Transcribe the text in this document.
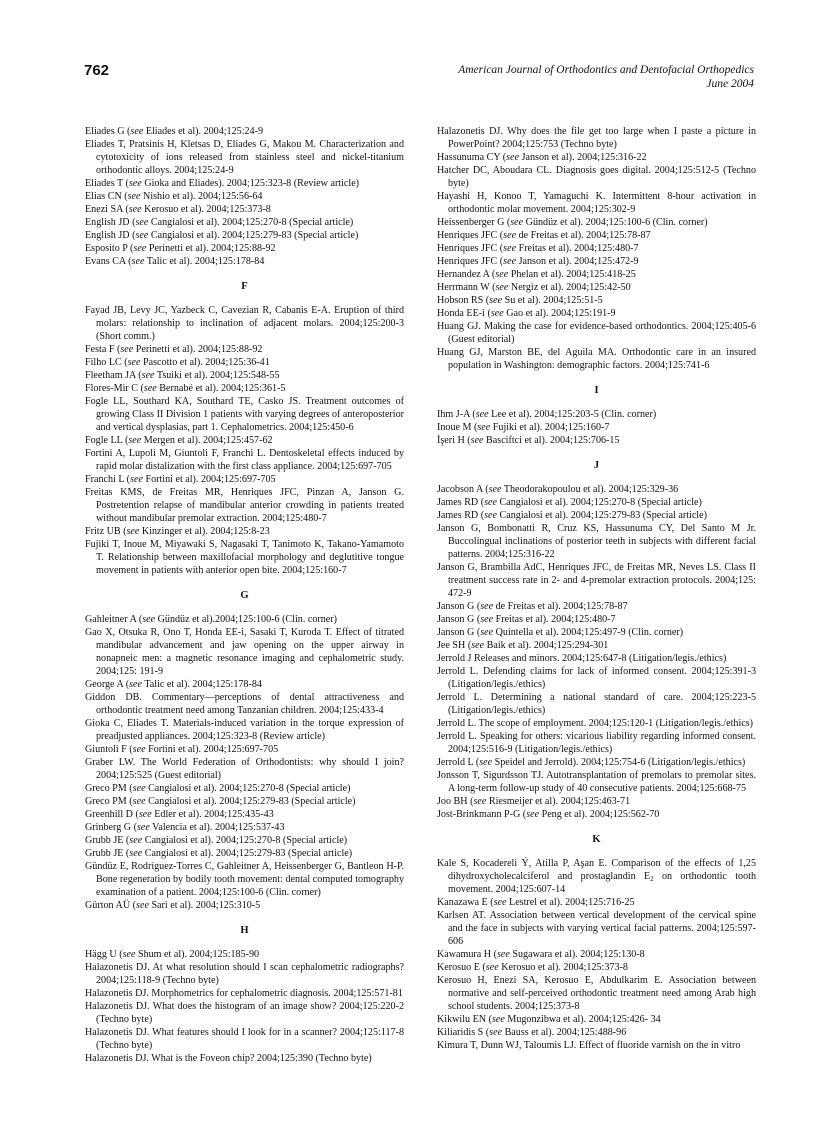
762	American Journal of Orthodontics and Dentofacial Orthopedics
June 2004
Eliades G (see Eliades et al). 2004;125:24-9
Eliades T, Pratsinis H, Kletsas D, Eliades G, Makou M. Characterization and cytotoxicity of ions released from stainless steel and nickel-titanium orthodontic alloys. 2004;125:24-9
Eliades T (see Gioka and Eliades). 2004;125:323-8 (Review article)
Elias CN (see Nishio et al). 2004;125:56-64
Enezi SA (see Kerosuo et al). 2004;125:373-8
English JD (see Cangialosi et al). 2004;125:270-8 (Special article)
English JD (see Cangialosi et al). 2004;125:279-83 (Special article)
Esposito P (see Perinetti et al). 2004;125:88-92
Evans CA (see Talic et al). 2004;125:178-84
F
Fayad JB, Levy JC, Yazbeck C, Cavezian R, Cabanis E-A. Eruption of third molars: relationship to inclination of adjacent molars. 2004;125:200-3 (Short comm.)
Festa F (see Perinetti et al). 2004;125:88-92
Filho LC (see Pascotto et al). 2004;125:36-41
Fleetham JA (see Tsuiki et al). 2004;125:548-55
Flores-Mir C (see Bernabé et al). 2004;125:361-5
Fogle LL, Southard KA, Southard TE, Casko JS. Treatment outcomes of growing Class II Division 1 patients with varying degrees of anteroposterior and vertical dysplasias, part 1. Cephalometrics. 2004;125:450-6
Fogle LL (see Mergen et al). 2004;125:457-62
Fortini A, Lupoli M, Giuntoli F, Franchi L. Dentoskeletal effects induced by rapid molar distalization with the first class appliance. 2004;125:697-705
Franchi L (see Fortini et al). 2004;125:697-705
Freitas KMS, de Freitas MR, Henriques JFC, Pinzan A, Janson G. Postretention relapse of mandibular anterior crowding in patients treated without mandibular premolar extraction. 2004;125:480-7
Fritz UB (see Kinzinger et al). 2004;125:8-23
Fujiki T, Inoue M, Miyawaki S, Nagasaki T, Tanimoto K, Takano-Yamamoto T. Relationship between maxillofacial morphology and deglutitive tongue movement in patients with anterior open bite. 2004;125:160-7
G
Gahleitner A (see Gündüz et al).2004;125:100-6 (Clin. corner)
Gao X, Otsuka R, Ono T, Honda EE-i, Sasaki T, Kuroda T. Effect of titrated mandibular advancement and jaw opening on the upper airway in nonapneic men: a magnetic resonance imaging and cephalometric study. 2004;125: 191-9
George A (see Talic et al). 2004;125:178-84
Giddon DB. Commentary—perceptions of dental attractiveness and orthodontic treatment need among Tanzanian children. 2004;125:433-4
Gioka C, Eliades T. Materials-induced variation in the torque expression of preadjusted appliances. 2004;125:323-8 (Review article)
Giuntoli F (see Fortini et al). 2004;125:697-705
Graber LW. The World Federation of Orthodontists: why should I join? 2004;125:525 (Guest editorial)
Greco PM (see Cangialosi et al). 2004;125:270-8 (Special article)
Greco PM (see Cangialosi et al). 2004;125:279-83 (Special article)
Greenhill D (see Edler et al). 2004;125:435-43
Grinberg G (see Valencia et al). 2004;125:537-43
Grubb JE (see Cangialosi et al). 2004;125:270-8 (Special article)
Grubb JE (see Cangialosi et al). 2004;125:279-83 (Special article)
Gündüz E, Rodríguez-Torres C, Gahleitner A, Heissenberger G, Bantleon H-P. Bone regeneration by bodily tooth movement: dental computed tomography examination of a patient. 2004;125:100-6 (Clin. corner)
Gürton AÜ (see Sari et al). 2004;125:310-5
H
Hägg U (see Shum et al). 2004;125:185-90
Halazonetis DJ. At what resolution should I scan cephalometric radiographs? 2004;125:118-9 (Techno byte)
Halazonetis DJ. Morphometrics for cephalometric diagnosis. 2004;125:571-81
Halazonetis DJ. What does the histogram of an image show? 2004;125:220-2 (Techno byte)
Halazonetis DJ. What features should I look for in a scanner? 2004;125:117-8 (Techno byte)
Halazonetis DJ. What is the Foveon chip? 2004;125:390 (Techno byte)
Halazonetis DJ. Why does the file get too large when I paste a picture in PowerPoint? 2004;125:753 (Techno byte)
Hassunuma CY (see Janson et al). 2004;125:316-22
Hatcher DC, Aboudara CL. Diagnosis goes digital. 2004;125:512-5 (Techno byte)
Hayashi H, Konoo T, Yamaguchi K. Intermittent 8-hour activation in orthodontic molar movement. 2004;125:302-9
Heissenberger G (see Gündüz et al). 2004;125:100-6 (Clin. corner)
Henriques JFC (see de Freitas et al). 2004;125:78-87
Henriques JFC (see Freitas et al). 2004;125:480-7
Henriques JFC (see Janson et al). 2004;125:472-9
Hernandez A (see Phelan et al). 2004;125:418-25
Herrmann W (see Nergiz et al). 2004;125:42-50
Hobson RS (see Su et al). 2004;125:51-5
Honda EE-i (see Gao et al). 2004;125:191-9
Huang GJ. Making the case for evidence-based orthodontics. 2004;125:405-6 (Guest editorial)
Huang GJ, Marston BE, del Aguila MA. Orthodontic care in an insured population in Washington: demographic factors. 2004;125:741-6
I
Ihm J-A (see Lee et al). 2004;125:203-5 (Clin. corner)
Inoue M (see Fujiki et al). 2004;125:160-7
İşeri H (see Basciftci et al). 2004;125:706-15
J
Jacobson A (see Theodorakopoulou et al). 2004;125:329-36
James RD (see Cangialosi et al). 2004;125:270-8 (Special article)
James RD (see Cangialosi et al). 2004;125:279-83 (Special article)
Janson G, Bombonatti R, Cruz KS, Hassunuma CY, Del Santo M Jr. Buccolingual inclinations of posterior teeth in subjects with different facial patterns. 2004;125:316-22
Janson G, Brambilla AdC, Henriques JFC, de Freitas MR, Neves LS. Class II treatment success rate in 2- and 4-premolar extraction protocols. 2004;125: 472-9
Janson G (see de Freitas et al). 2004;125:78-87
Janson G (see Freitas et al). 2004;125:480-7
Janson G (see Quintella et al). 2004;125:497-9 (Clin. corner)
Jee SH (see Baik et al). 2004;125:294-301
Jerrold J Releases and minors. 2004;125:647-8 (Litigation/legis./ethics)
Jerrold L. Defending claims for lack of informed consent. 2004;125:391-3 (Litigation/legis./ethics)
Jerrold L. Determining a national standard of care. 2004;125:223-5 (Litigation/legis./ethics)
Jerrold L. The scope of employment. 2004;125:120-1 (Litigation/legis./ethics)
Jerrold L. Speaking for others: vicarious liability regarding informed consent. 2004;125:516-9 (Litigation/legis./ethics)
Jerrold L (see Speidel and Jerrold). 2004;125:754-6 (Litigation/legis./ethics)
Jonsson T, Sigurdsson TJ. Autotransplantation of premolars to premolar sites. A long-term follow-up study of 40 consecutive patients. 2004;125:668-75
Joo BH (see Riesmeijer et al). 2004;125:463-71
Jost-Brinkmann P-G (see Peng et al). 2004;125:562-70
K
Kale S, Kocadereli Ý, Atilla P, Aşan E. Comparison of the effects of 1,25 dihydroxycholecalciferol and prostaglandin $E_2$ on orthodontic tooth movement. 2004;125:607-14
Kanazawa E (see Lestrel et al). 2004;125:716-25
Karlsen AT. Association between vertical development of the cervical spine and the face in subjects with varying vertical facial patterns. 2004;125:597-606
Kawamura H (see Sugawara et al). 2004;125:130-8
Kerosuo E (see Kerosuo et al). 2004;125:373-8
Kerosuo H, Enezi SA, Kerosuo E, Abdulkarim E. Association between normative and self-perceived orthodontic treatment need among Arab high school students. 2004;125:373-8
Kikwilu EN (see Mugonzibwa et al). 2004;125:426- 34
Kiliaridis S (see Bauss et al). 2004;125:488-96
Kimura T, Dunn WJ, Taloumis LJ. Effect of fluoride varnish on the in vitro
